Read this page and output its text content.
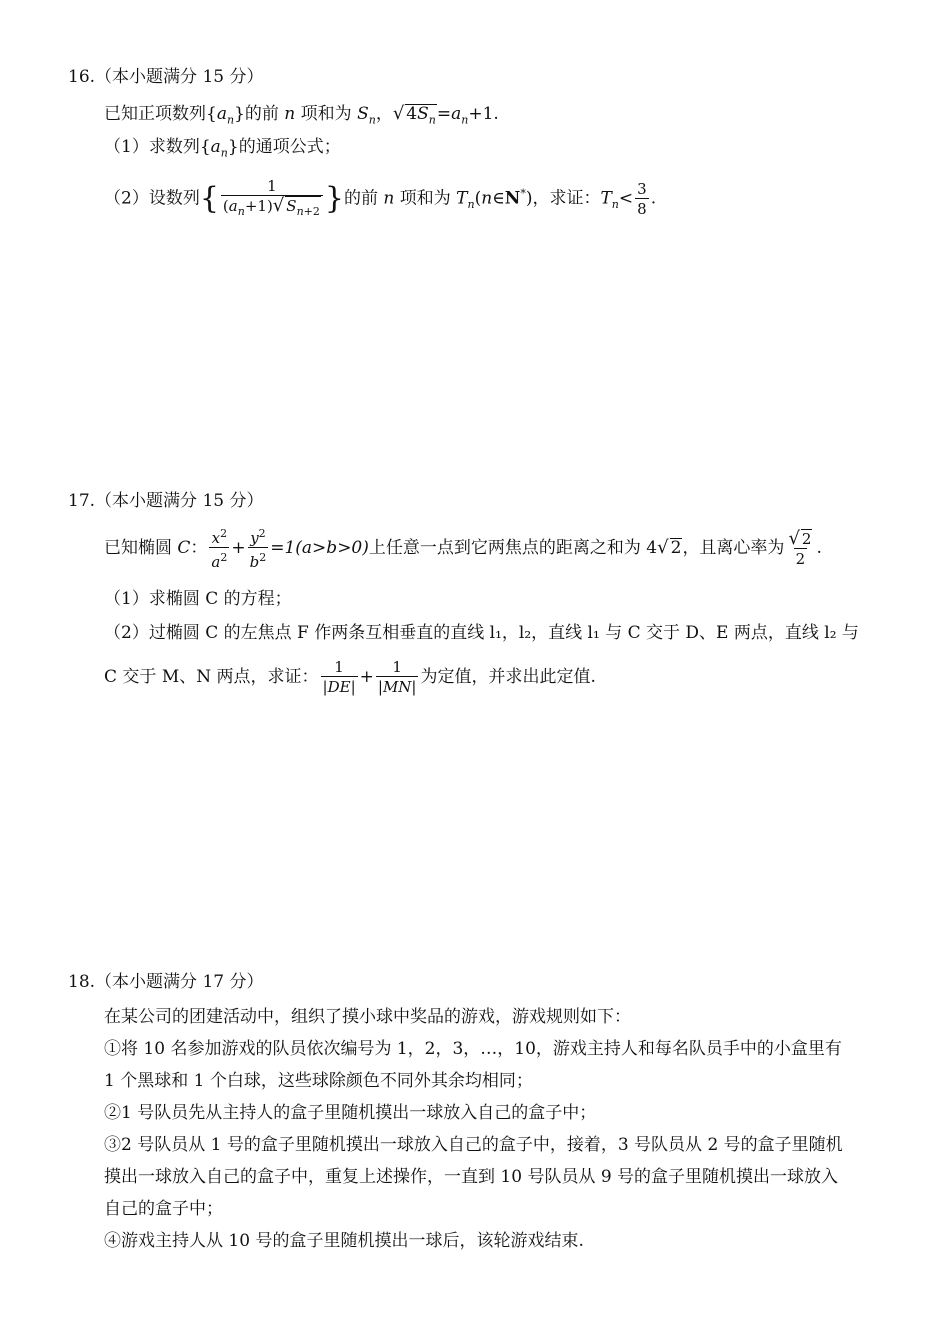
16.（本小题满分 15 分）
已知正项数列$\{a_n\}$的前 n 项和为 $S_n$，√ $4S_n=a_n+1$.
（1）求数列$\{a_n\}$的通项公式；
（2）设数列{ $\frac{1}{(a_n+1)√ S_{n+2}}$ }的前 n 项和为 $T_n(n\in N^*)$，求证：$T_n< \frac{3}{8}$ .
17.（本小题满分 15 分）
已知椭圆 C： $\frac{x^2}{a^2} + \frac{y^2}{b^2} =1(a>b>0)$上任意一点到它两焦点的距离之和为 4√ 2，且离心率为 $\frac{√ 2}{2}$ .
（1）求椭圆 C 的方程；
（2）过椭圆 C 的左焦点 F 作两条互相垂直的直线 l₁，l₂，直线 l₁ 与 C 交于 D、E 两点，直线 l₂ 与
C 交于 M、N 两点，求证： $\frac{1}{|DE|} + \frac{1}{|MN|}$ 为定值，并求出此定值.
18.（本小题满分 17 分）
在某公司的团建活动中，组织了摸小球中奖品的游戏，游戏规则如下：
①将 10 名参加游戏的队员依次编号为 1，2，3，…，10，游戏主持人和每名队员手中的小盒里有
1 个黑球和 1 个白球，这些球除颜色不同外其余均相同；
②1 号队员先从主持人的盒子里随机摸出一球放入自己的盒子中；
③2 号队员从 1 号的盒子里随机摸出一球放入自己的盒子中，接着，3 号队员从 2 号的盒子里随机
摸出一球放入自己的盒子中，重复上述操作，一直到 10 号队员从 9 号的盒子里随机摸出一球放入
自己的盒子中；
④游戏主持人从 10 号的盒子里随机摸出一球后，该轮游戏结束.
